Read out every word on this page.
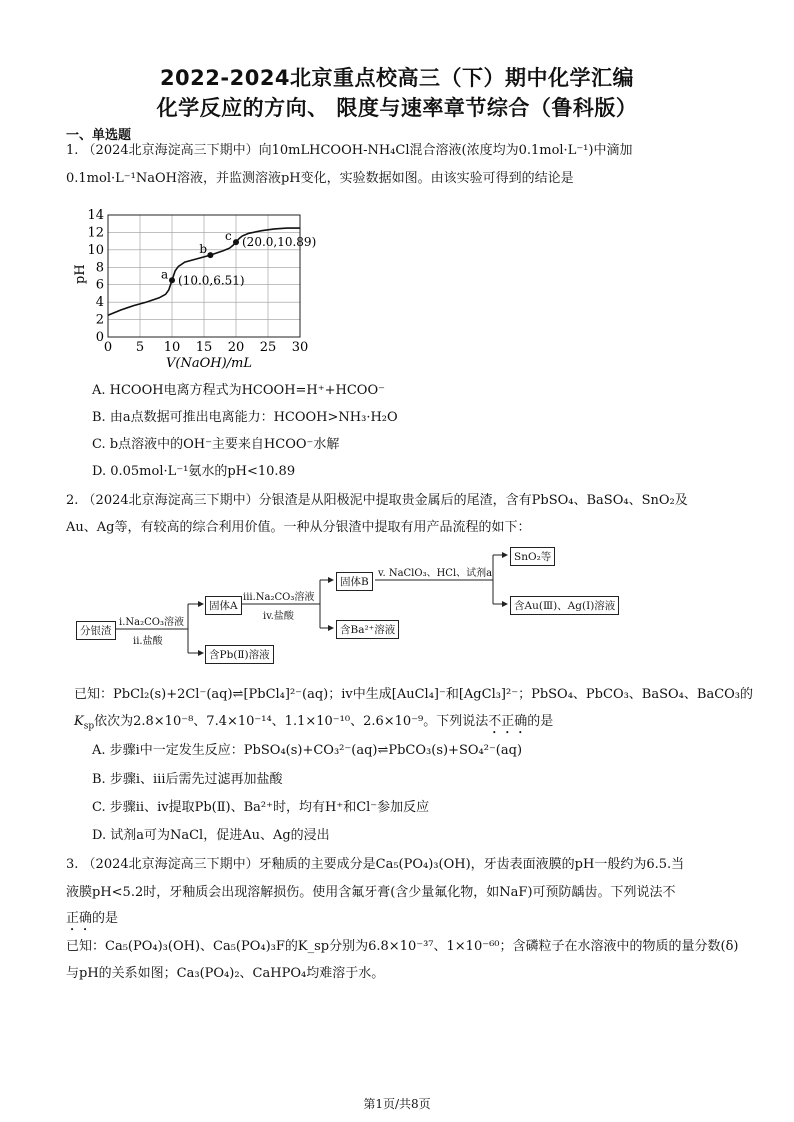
2022-2024北京重点校高三（下）期中化学汇编
化学反应的方向、 限度与速率章节综合（鲁科版）
一、单选题
1. （2024北京海淀高三下期中）向10mLHCOOH-NH₄Cl混合溶液(浓度均为0.1mol·L⁻¹)中滴加
0.1mol·L⁻¹NaOH溶液，并监测溶液pH变化，实验数据如图。由该实验可得到的结论是
0 5 10 15 20 25 30
0
2
4
6
8
10
12
14
a (10.0,6.51)
b
c (20.0,10.89)
pH
V(NaOH)/mL
A. HCOOH电离方程式为HCOOH=H⁺+HCOO⁻
B. 由a点数据可推出电离能力：HCOOH>NH₃·H₂O
C. b点溶液中的OH⁻主要来自HCOO⁻水解
D. 0.05mol·L⁻¹氨水的pH<10.89
2. （2024北京海淀高三下期中）分银渣是从阳极泥中提取贵金属后的尾渣，含有PbSO₄、BaSO₄、SnO₂及
Au、Ag等，有较高的综合利用价值。一种从分银渣中提取有用产品流程的如下：
分银渣
i.Na₂CO₃溶液
ii.盐酸
固体A
含Pb(Ⅱ)溶液
iii.Na₂CO₃溶液
iv.盐酸
固体B
含Ba²⁺溶液
v. NaClO₃、HCl、试剂a
SnO₂等
含Au(Ⅲ)、Ag(Ⅰ)溶液
已知：PbCl₂(s)+2Cl⁻(aq)⇌[PbCl₄]²⁻(aq)；iv中生成[AuCl₄]⁻和[AgCl₃]²⁻；PbSO₄、PbCO₃、BaSO₄、BaCO₃的
$K_{sp}$依次为2.8×10⁻⁸、7.4×10⁻¹⁴、1.1×10⁻¹⁰、2.6×10⁻⁹。下列说法不正确的是
A. 步骤ⅰ中一定发生反应：PbSO₄(s)+CO₃²⁻(aq)⇌PbCO₃(s)+SO₄²⁻(aq)
B. 步骤ⅰ、ⅲ后需先过滤再加盐酸
C. 步骤ⅱ、ⅳ提取Pb(Ⅱ)、Ba²⁺时，均有H⁺和Cl⁻参加反应
D. 试剂a可为NaCl，促进Au、Ag的浸出
3. （2024北京海淀高三下期中）牙釉质的主要成分是Ca₅(PO₄)₃(OH)，牙齿表面液膜的pH一般约为6.5.当
液膜pH<5.2时，牙釉质会出现溶解损伤。使用含氟牙膏(含少量氟化物，如NaF)可预防龋齿。下列说法不
正确的是
已知：Ca₅(PO₄)₃(OH)、Ca₅(PO₄)₃F的K_sp分别为6.8×10⁻³⁷、1×10⁻⁶⁰；含磷粒子在水溶液中的物质的量分数(δ)
与pH的关系如图；Ca₃(PO₄)₂、CaHPO₄均难溶于水。
第1页/共8页
